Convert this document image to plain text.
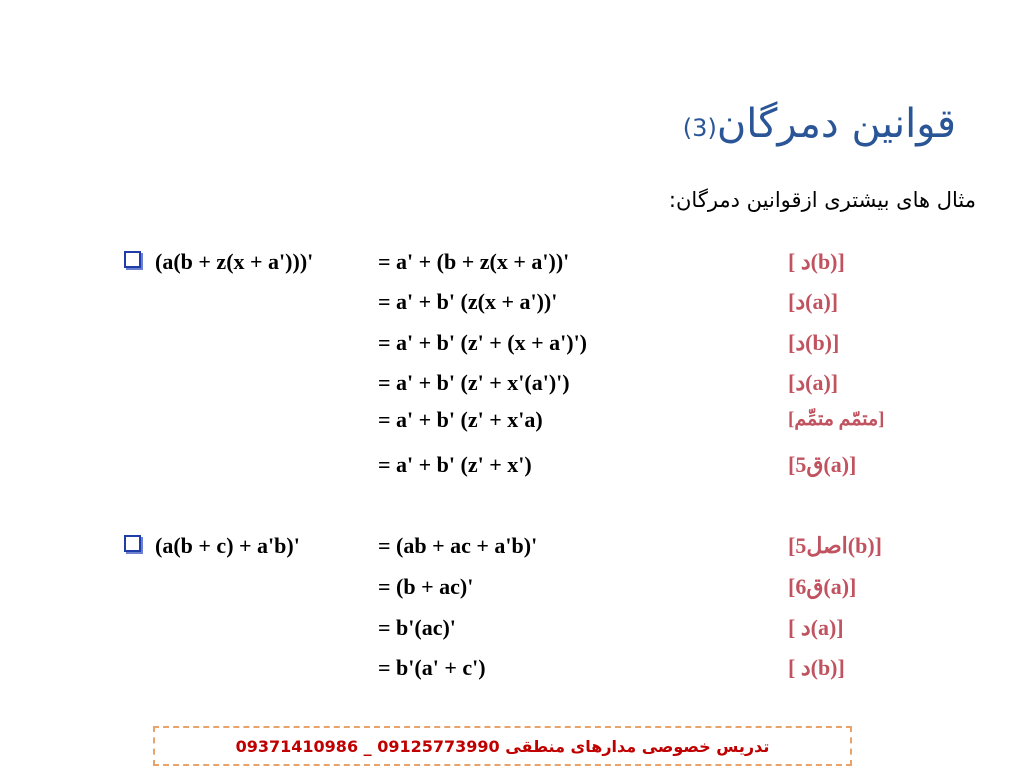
قوانین دمرگان(3)
مثال های بیشتری ازقوانین دمرگان:
(a(b + z(x + a')))'	= a' + (b + z(x + a'))'	[ د(b)]
= a' + b' (z(x + a'))'	[د(a)]
= a' + b' (z' + (x + a')')	[د(b)]
= a' + b' (z' + x'(a')')	[د(a)]
= a' + b' (z' + x'a)	[متمّم متمِّم]
= a' + b' (z' + x')	[ق5(a)]
(a(b + c) + a'b)'	= (ab + ac + a'b)'	[اصل5(b)]
= (b + ac)'	[ق6(a)]
= b'(ac)'	[ د(a)]
= b'(a' + c')	[ د(b)]
تدریس خصوصی مدارهای منطقی 09125773990 _ 09371410986
